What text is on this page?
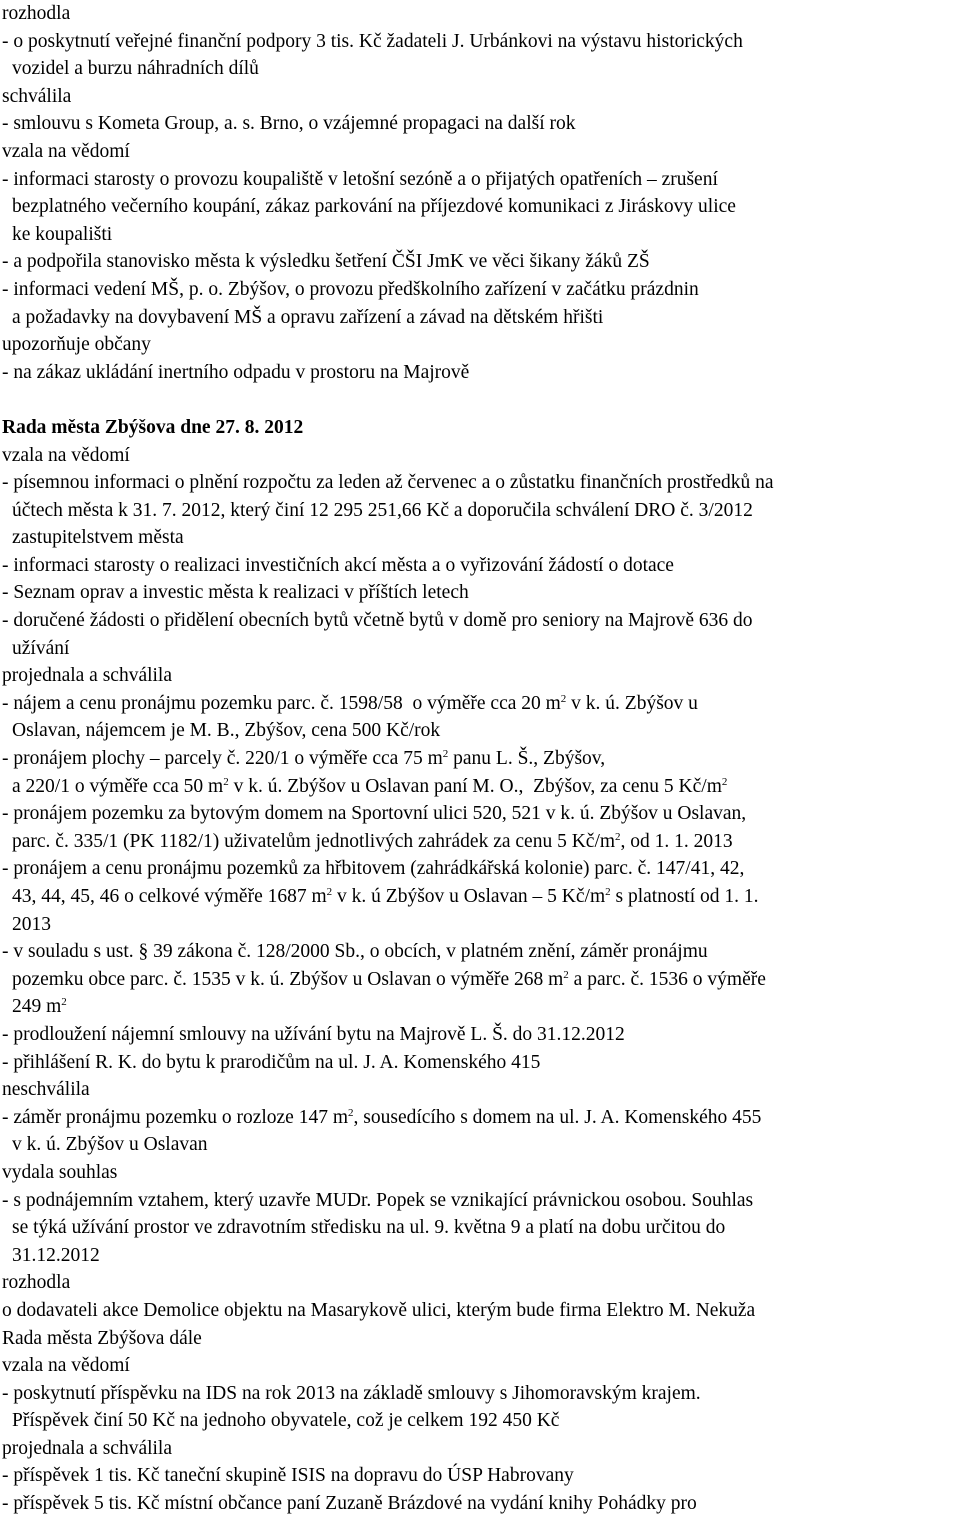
rozhodla
- o poskytnutí veřejné finanční podpory 3 tis. Kč žadateli J. Urbánkovi na výstavu historických
vozidel a burzu náhradních dílů
schválila
- smlouvu s Kometa Group, a. s. Brno, o vzájemné propagaci na další rok
vzala na vědomí
- informaci starosty o provozu koupaliště v letošní sezóně a o přijatých opatřeních – zrušení
bezplatného večerního koupání, zákaz parkování na příjezdové komunikaci z Jiráskovy ulice
ke koupališti
- a podpořila stanovisko města k výsledku šetření ČŠI JmK ve věci šikany žáků ZŠ
- informaci vedení MŠ, p. o. Zbýšov, o provozu předškolního zařízení v začátku prázdnin
a požadavky na dovybavení MŠ a opravu zařízení a závad na dětském hřišti
upozorňuje občany
- na zákaz ukládání inertního odpadu v prostoru na Majrově
Rada města Zbýšova dne 27. 8. 2012
vzala na vědomí
- písemnou informaci o plnění rozpočtu za leden až červenec a o zůstatku finančních prostředků na
účtech města k 31. 7. 2012, který činí 12 295 251,66 Kč a doporučila schválení DRO č. 3/2012
zastupitelstvem města
- informaci starosty o realizaci investičních akcí města a o vyřizování žádostí o dotace
- Seznam oprav a investic města k realizaci v příštích letech
- doručené žádosti o přidělení obecních bytů včetně bytů v domě pro seniory na Majrově 636 do
užívání
projednala a schválila
- nájem a cenu pronájmu pozemku parc. č. 1598/58  o výměře cca 20 $m^2$ v k. ú. Zbýšov u
Oslavan, nájemcem je M. B., Zbýšov, cena 500 Kč/rok
- pronájem plochy – parcely č. 220/1 o výměře cca 75 $m^2$ panu L. Š., Zbýšov,
a 220/1 o výměře cca 50 $m^2$ v k. ú. Zbýšov u Oslavan paní M. O.,  Zbýšov, za cenu 5 $Kč/m^2$
- pronájem pozemku za bytovým domem na Sportovní ulici 520, 521 v k. ú. Zbýšov u Oslavan,
parc. č. 335/1 (PK 1182/1) uživatelům jednotlivých zahrádek za cenu 5 $Kč/m^2$, od 1. 1. 2013
- pronájem a cenu pronájmu pozemků za hřbitovem (zahrádkářská kolonie) parc. č. 147/41, 42,
43, 44, 45, 46 o celkové výměře 1687 $m^2$ v k. ú Zbýšov u Oslavan – 5 $Kč/m^2$ s platností od 1. 1.
2013
- v souladu s ust. § 39 zákona č. 128/2000 Sb., o obcích, v platném znění, záměr pronájmu
pozemku obce parc. č. 1535 v k. ú. Zbýšov u Oslavan o výměře 268 $m^2$ a parc. č. 1536 o výměře
249 $m^2$
- prodloužení nájemní smlouvy na užívání bytu na Majrově L. Š. do 31.12.2012
- přihlášení R. K. do bytu k prarodičům na ul. J. A. Komenského 415
neschválila
- záměr pronájmu pozemku o rozloze 147 $m^2$, sousedícího s domem na ul. J. A. Komenského 455
v k. ú. Zbýšov u Oslavan
vydala souhlas
- s podnájemním vztahem, který uzavře MUDr. Popek se vznikající právnickou osobou. Souhlas
se týká užívání prostor ve zdravotním středisku na ul. 9. května 9 a platí na dobu určitou do
31.12.2012
rozhodla
o dodavateli akce Demolice objektu na Masarykově ulici, kterým bude firma Elektro M. Nekuža
Rada města Zbýšova dále
vzala na vědomí
- poskytnutí příspěvku na IDS na rok 2013 na základě smlouvy s Jihomoravským krajem.
Příspěvek činí 50 Kč na jednoho obyvatele, což je celkem 192 450 Kč
projednala a schválila
- příspěvek 1 tis. Kč taneční skupině ISIS na dopravu do ÚSP Habrovany
- příspěvek 5 tis. Kč místní občance paní Zuzaně Brázdové na vydání knihy Pohádky pro
